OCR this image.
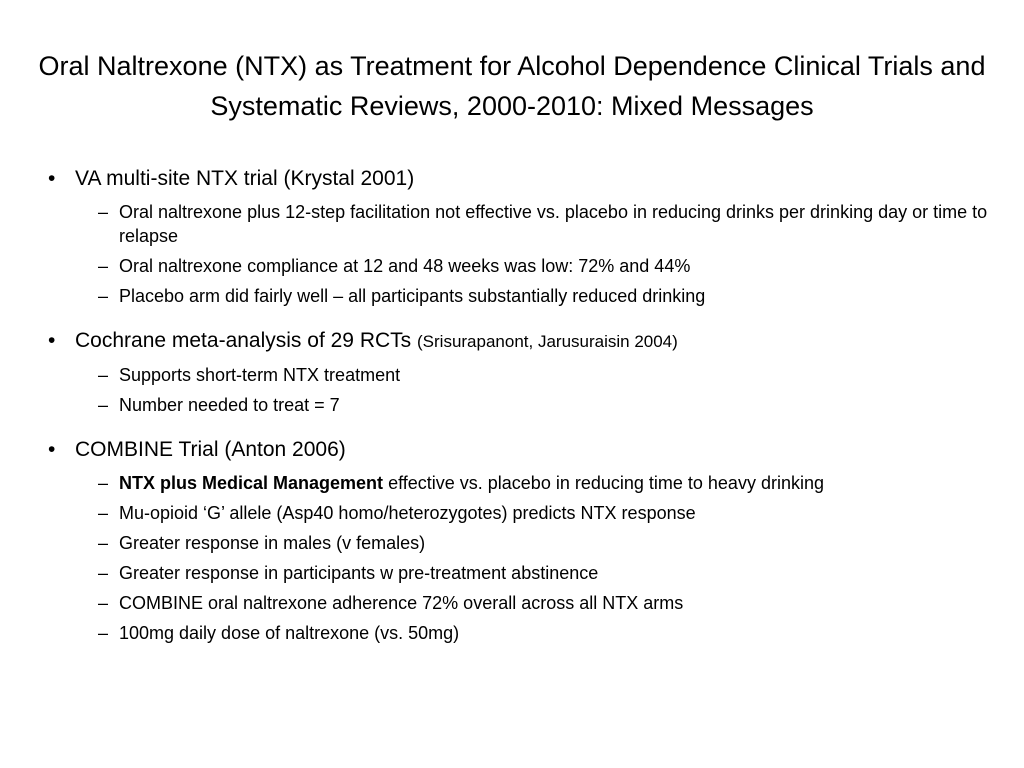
Oral Naltrexone (NTX) as Treatment for Alcohol Dependence Clinical Trials and Systematic Reviews, 2000-2010: Mixed Messages

• VA multi-site NTX trial (Krystal 2001)

– Oral naltrexone plus 12-step facilitation not effective vs. placebo in reducing drinks per drinking day or time to relapse

– Oral naltrexone compliance at 12 and 48 weeks was low: 72% and 44%

– Placebo arm did fairly well – all participants substantially reduced drinking

• Cochrane meta-analysis of 29 RCTs (Srisurapanont, Jarusuraisin 2004)

– Supports short-term NTX treatment

– Number needed to treat = 7

• COMBINE Trial (Anton 2006)

– NTX plus Medical Management effective vs. placebo in reducing time to heavy drinking

– Mu-opioid ‘G’ allele (Asp40 homo/heterozygotes) predicts NTX response

– Greater response in males (v females)

– Greater response in participants w pre-treatment abstinence

– COMBINE oral naltrexone adherence 72% overall across all NTX arms

– 100mg daily dose of naltrexone (vs. 50mg)
